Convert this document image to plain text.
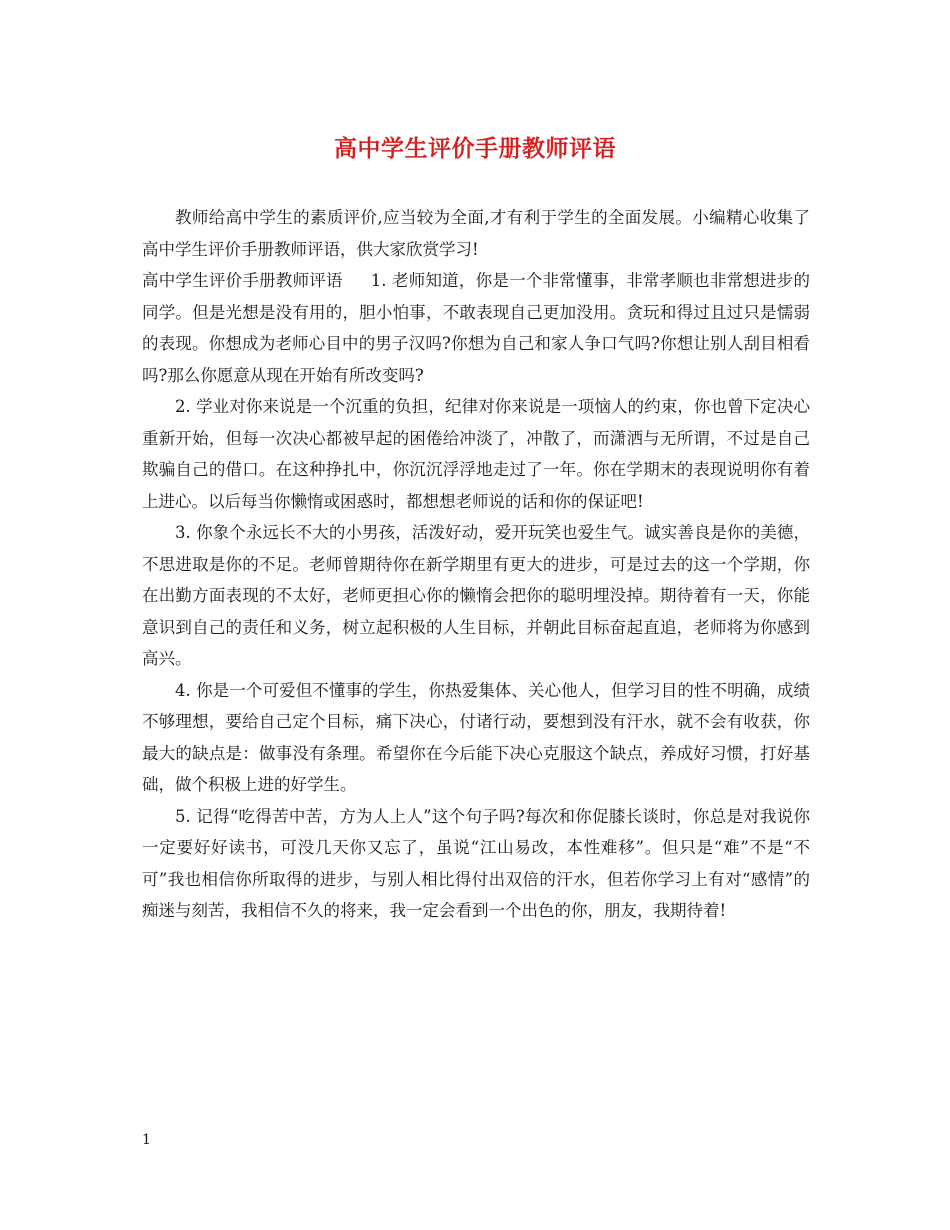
高中学生评价手册教师评语

教师给高中学生的素质评价,应当较为全面,才有利于学生的全面发展。小编精心收集了高中学生评价手册教师评语，供大家欣赏学习!

高中学生评价手册教师评语 1. 老师知道，你是一个非常懂事，非常孝顺也非常想进步的同学。但是光想是没有用的，胆小怕事，不敢表现自己更加没用。贪玩和得过且过只是懦弱的表现。你想成为老师心目中的男子汉吗?你想为自己和家人争口气吗?你想让别人刮目相看吗?那么你愿意从现在开始有所改变吗?

2. 学业对你来说是一个沉重的负担，纪律对你来说是一项恼人的约束，你也曾下定决心重新开始，但每一次决心都被早起的困倦给冲淡了，冲散了，而潇洒与无所谓，不过是自己欺骗自己的借口。在这种挣扎中，你沉沉浮浮地走过了一年。你在学期末的表现说明你有着上进心。以后每当你懒惰或困惑时，都想想老师说的话和你的保证吧!

3. 你象个永远长不大的小男孩，活泼好动，爱开玩笑也爱生气。诚实善良是你的美德，不思进取是你的不足。老师曾期待你在新学期里有更大的进步，可是过去的这一个学期，你在出勤方面表现的不太好，老师更担心你的懒惰会把你的聪明埋没掉。期待着有一天，你能意识到自己的责任和义务，树立起积极的人生目标，并朝此目标奋起直追，老师将为你感到高兴。

4. 你是一个可爱但不懂事的学生，你热爱集体、关心他人，但学习目的性不明确，成绩不够理想，要给自己定个目标，痛下决心，付诸行动，要想到没有汗水，就不会有收获，你最大的缺点是：做事没有条理。希望你在今后能下决心克服这个缺点，养成好习惯，打好基础，做个积极上进的好学生。

5. 记得“吃得苦中苦，方为人上人”这个句子吗?每次和你促膝长谈时，你总是对我说你一定要好好读书，可没几天你又忘了，虽说“江山易改，本性难移”。但只是“难”不是“不可”我也相信你所取得的进步，与别人相比得付出双倍的汗水，但若你学习上有对“感情”的痴迷与刻苦，我相信不久的将来，我一定会看到一个出色的你，朋友，我期待着!

1
